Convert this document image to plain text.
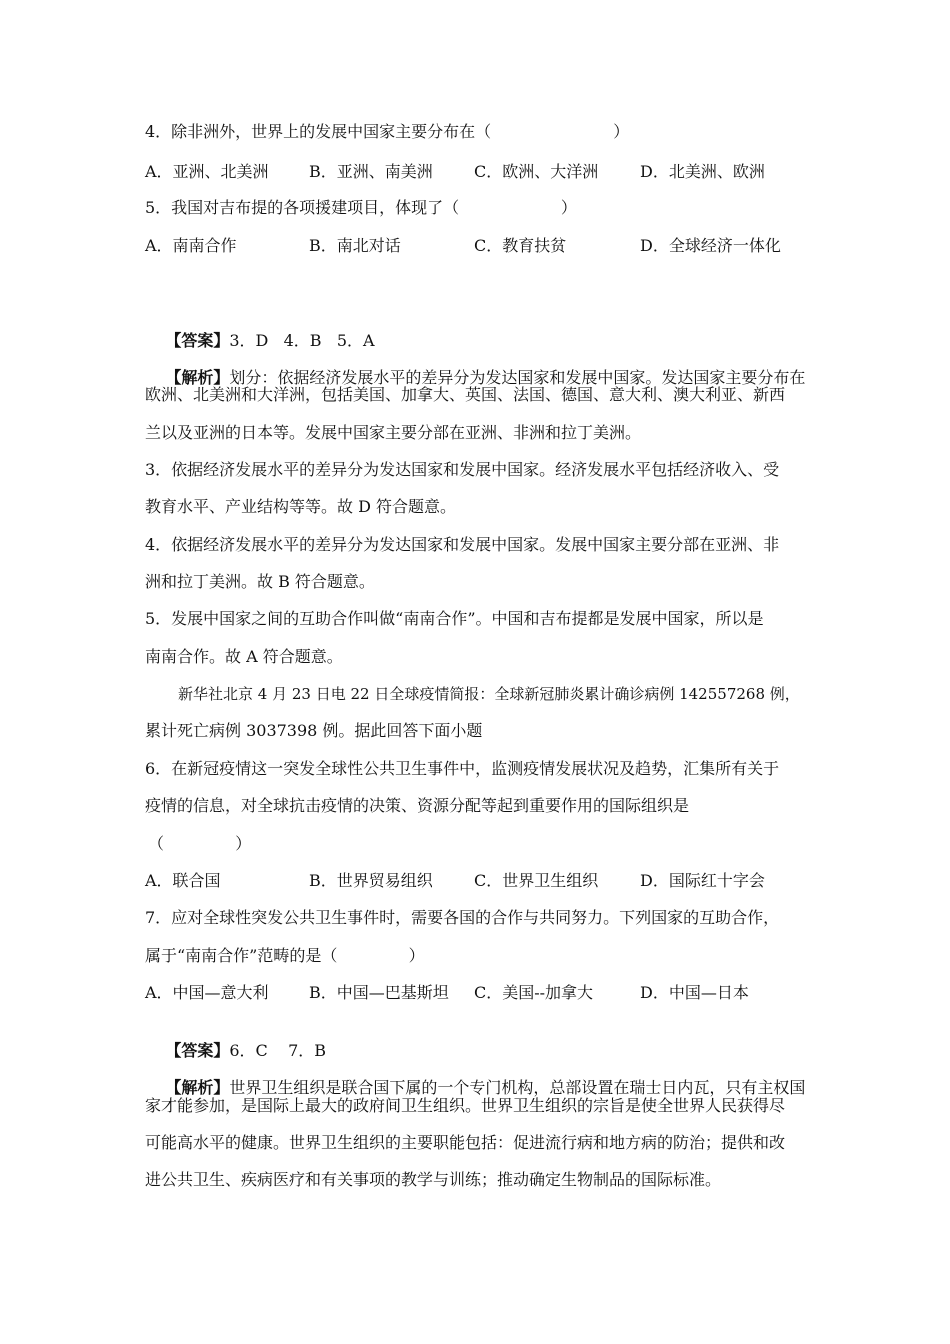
4．除非洲外，世界上的发展中国家主要分布在（                        ）
A．亚洲、北美洲	B．亚洲、南美洲	C．欧洲、大洋洲	D．北美洲、欧洲
5．我国对吉布提的各项援建项目，体现了（                    ）
A．南南合作	B．南北对话	C．教育扶贫	D．全球经济一体化

【答案】3．D   4．B   5．A

【解析】划分：依据经济发展水平的差异分为发达国家和发展中国家。发达国家主要分布在

欧洲、北美洲和大洋洲，包括美国、加拿大、英国、法国、德国、意大利、澳大利亚、新西
兰以及亚洲的日本等。发展中国家主要分部在亚洲、非洲和拉丁美洲。
3．依据经济发展水平的差异分为发达国家和发展中国家。经济发展水平包括经济收入、受
教育水平、产业结构等等。故 D 符合题意。
4．依据经济发展水平的差异分为发达国家和发展中国家。发展中国家主要分部在亚洲、非
洲和拉丁美洲。故 B 符合题意。
5．发展中国家之间的互助合作叫做“南南合作”。中国和吉布提都是发展中国家，所以是
南南合作。故 A 符合题意。
新华社北京 4 月 23 日电 22 日全球疫情简报：全球新冠肺炎累计确诊病例 142557268 例，
累计死亡病例 3037398 例。据此回答下面小题
6．在新冠疫情这一突发全球性公共卫生事件中，监测疫情发展状况及趋势，汇集所有关于
疫情的信息，对全球抗击疫情的决策、资源分配等起到重要作用的国际组织是
（              ）
A．联合国	B．世界贸易组织	C．世界卫生组织	D．国际红十字会
7．应对全球性突发公共卫生事件时，需要各国的合作与共同努力。下列国家的互助合作，
属于“南南合作”范畴的是（              ）
A．中国—意大利	B．中国—巴基斯坦 C．美国--加拿大	D．中国—日本

【答案】6．C    7．B

【解析】世界卫生组织是联合国下属的一个专门机构，总部设置在瑞士日内瓦，只有主权国

家才能参加，是国际上最大的政府间卫生组织。世界卫生组织的宗旨是使全世界人民获得尽
可能高水平的健康。世界卫生组织的主要职能包括：促进流行病和地方病的防治；提供和改
进公共卫生、疾病医疗和有关事项的教学与训练；推动确定生物制品的国际标准。
